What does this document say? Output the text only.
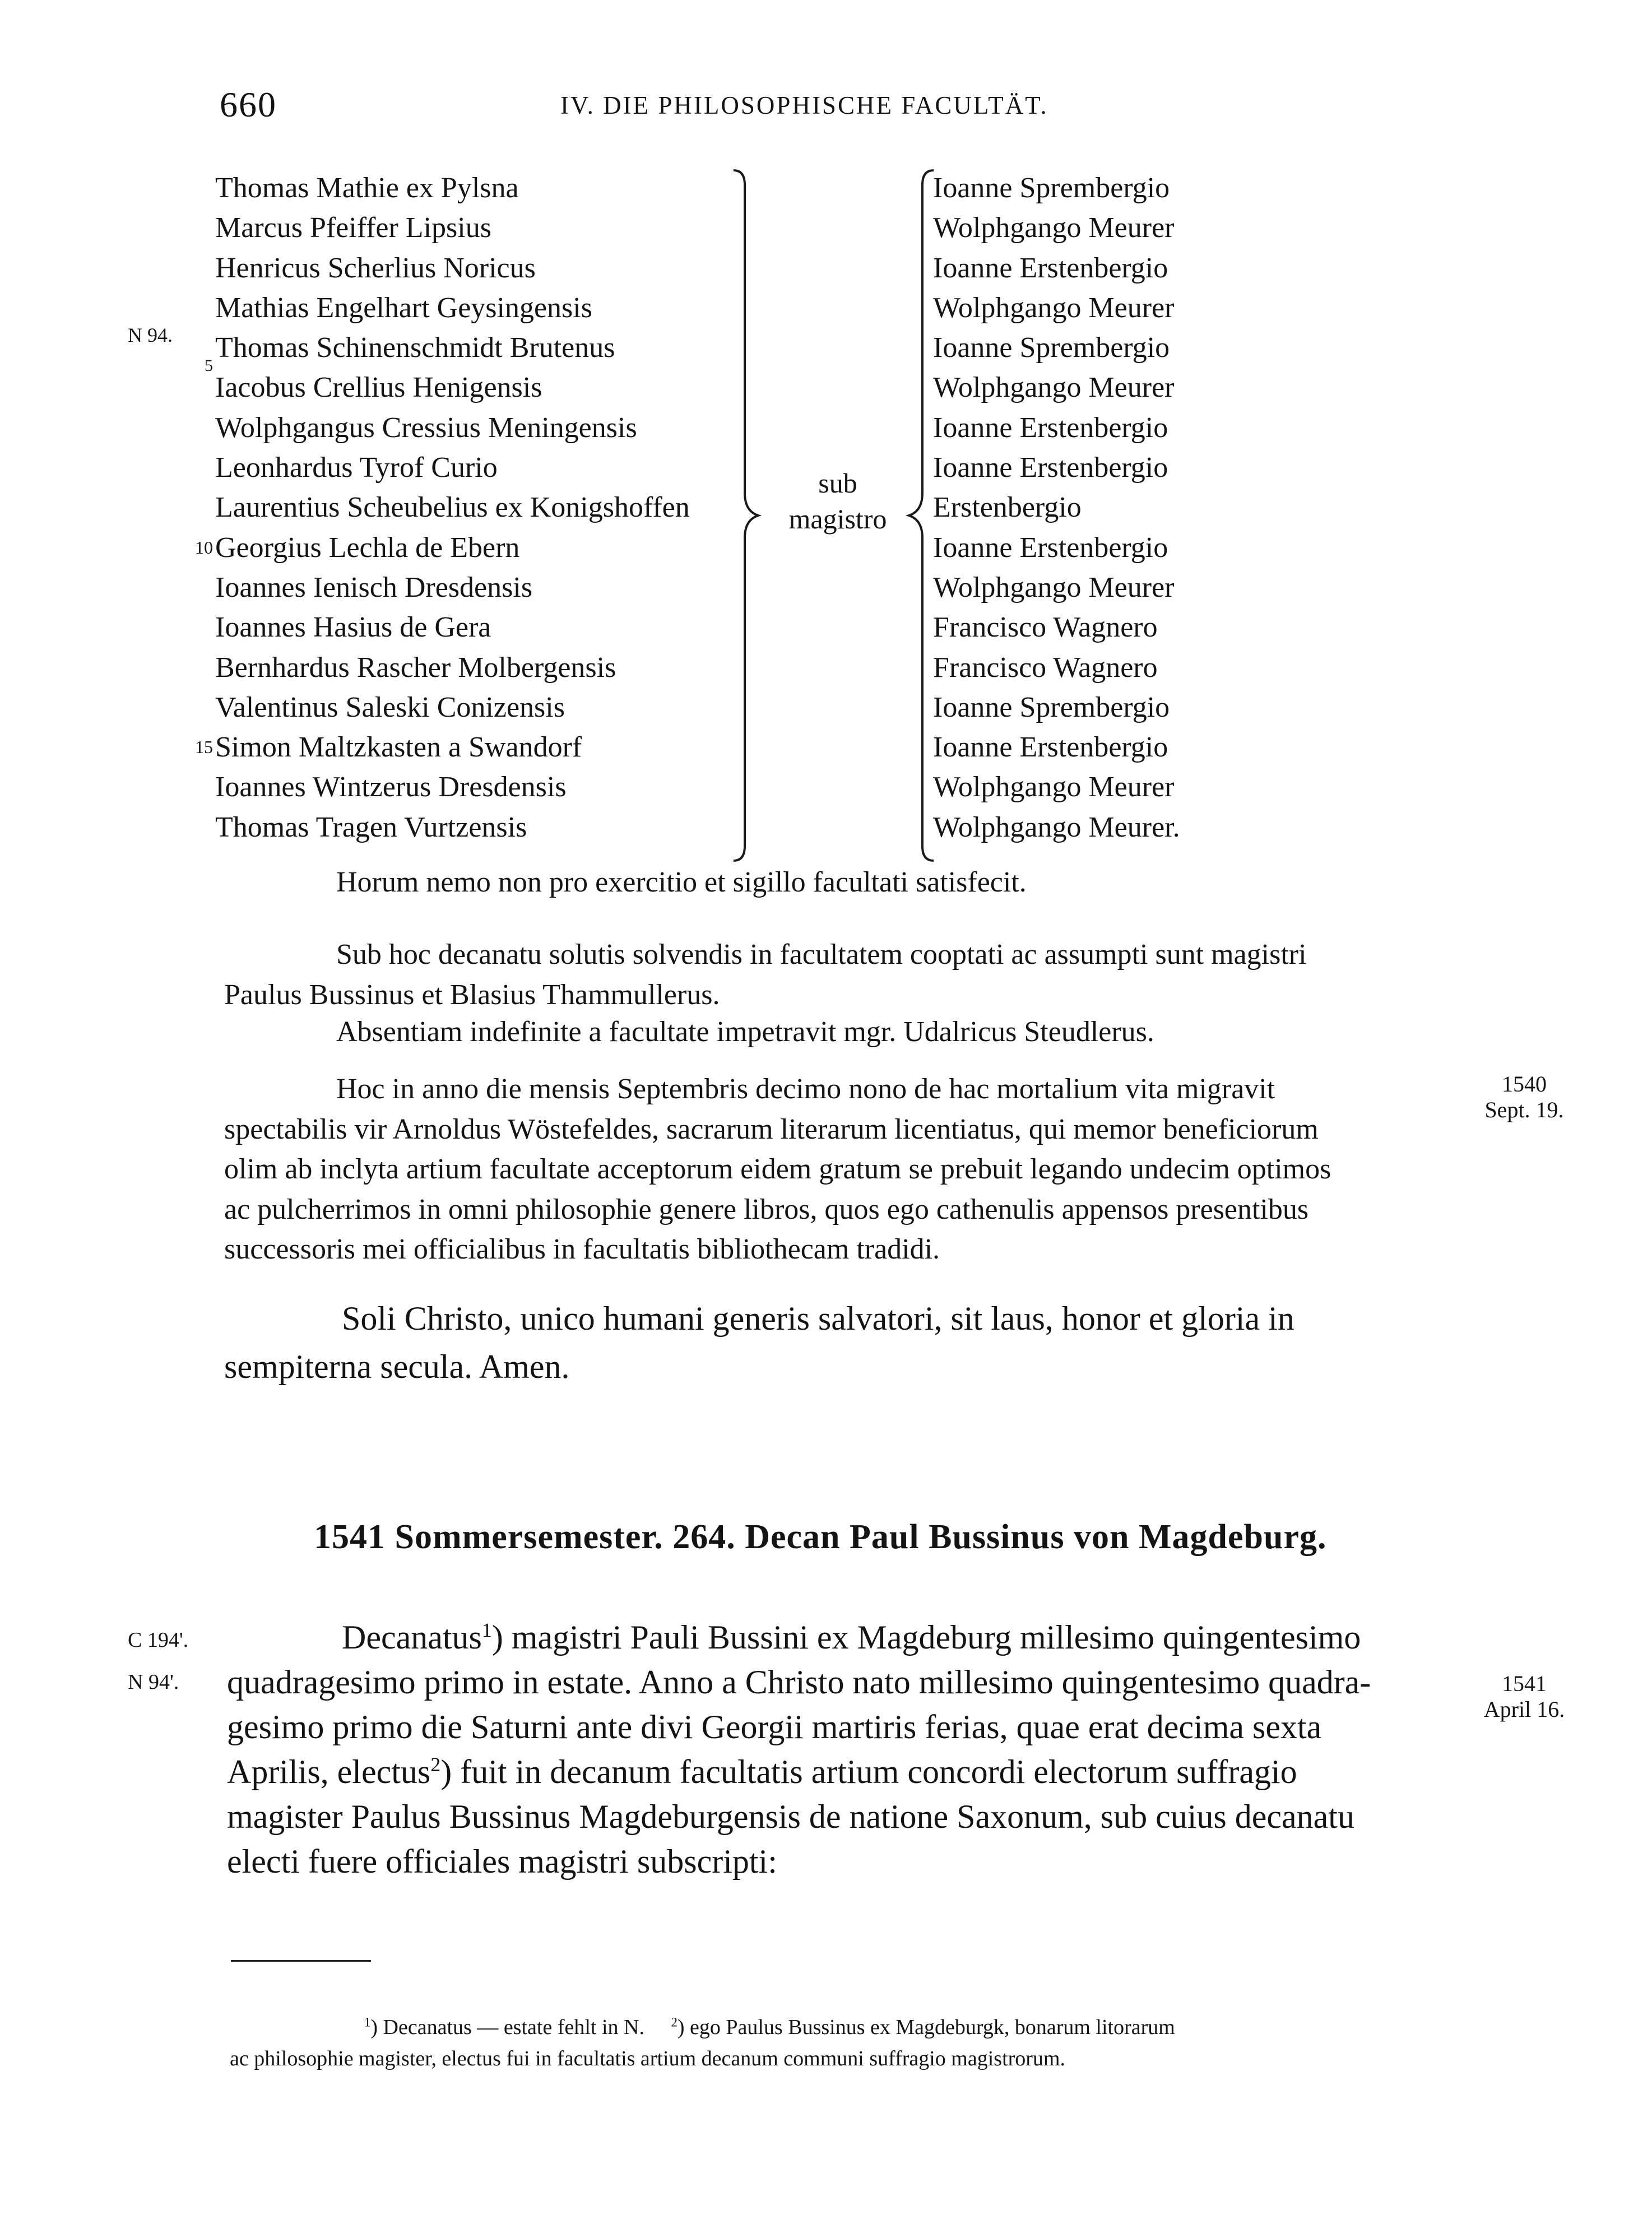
660	IV. DIE PHILOSOPHISCHE FACULTÄT.
5
10
15
N 94.
Thomas Mathie ex Pylsna
Marcus Pfeiffer Lipsius
Henricus Scherlius Noricus
Mathias Engelhart Geysingensis
Thomas Schinenschmidt Brutenus
Iacobus Crellius Henigensis
Wolphgangus Cressius Meningensis
Leonhardus Tyrof Curio
Laurentius Scheubelius ex Konigshoffen
Georgius Lechla de Ebern
Ioannes Ienisch Dresdensis
Ioannes Hasius de Gera
Bernhardus Rascher Molbergensis
Valentinus Saleski Conizensis
Simon Maltzkasten a Swandorf
Ioannes Wintzerus Dresdensis
Thomas Tragen Vurtzensis
sub
magistro
Ioanne Sprembergio
Wolphgango Meurer
Ioanne Erstenbergio
Wolphgango Meurer
Ioanne Sprembergio
Wolphgango Meurer
Ioanne Erstenbergio
Ioanne Erstenbergio
Erstenbergio
Ioanne Erstenbergio
Wolphgango Meurer
Francisco Wagnero
Francisco Wagnero
Ioanne Sprembergio
Ioanne Erstenbergio
Wolphgango Meurer
Wolphgango Meurer.
Horum nemo non pro exercitio et sigillo facultati satisfecit.
Sub hoc decanatu solutis solvendis in facultatem cooptati ac assumpti sunt magistri
Paulus Bussinus et Blasius Thammullerus.
Absentiam indefinite a facultate impetravit mgr. Udalricus Steudlerus.
Hoc in anno die mensis Septembris decimo nono de hac mortalium vita migravit
spectabilis vir Arnoldus Wöstefeldes, sacrarum literarum licentiatus, qui memor beneficiorum
olim ab inclyta artium facultate acceptorum eidem gratum se prebuit legando undecim optimos
ac pulcherrimos in omni philosophie genere libros, quos ego cathenulis appensos presentibus
successoris mei officialibus in facultatis bibliothecam tradidi.
1540
Sept. 19.
Soli Christo, unico humani generis salvatori, sit laus, honor et gloria in
sempiterna secula. Amen.
1541 Sommersemester. 264. Decan Paul Bussinus von Magdeburg.
C 194'.
N 94'.
Decanatus$^1$) magistri Pauli Bussini ex Magdeburg millesimo quingentesimo
quadragesimo primo in estate. Anno a Christo nato millesimo quingentesimo quadra-
gesimo primo die Saturni ante divi Georgii martiris ferias, quae erat decima sexta
Aprilis, electus$^2$) fuit in decanum facultatis artium concordi electorum suffragio
magister Paulus Bussinus Magdeburgensis de natione Saxonum, sub cuius decanatu
electi fuere officiales magistri subscripti:
1541
April 16.
$^1$) Decanatus — estate fehlt in N. $^2$) ego Paulus Bussinus ex Magdeburgk, bonarum litorarum
ac philosophie magister, electus fui in facultatis artium decanum communi suffragio magistrorum.
